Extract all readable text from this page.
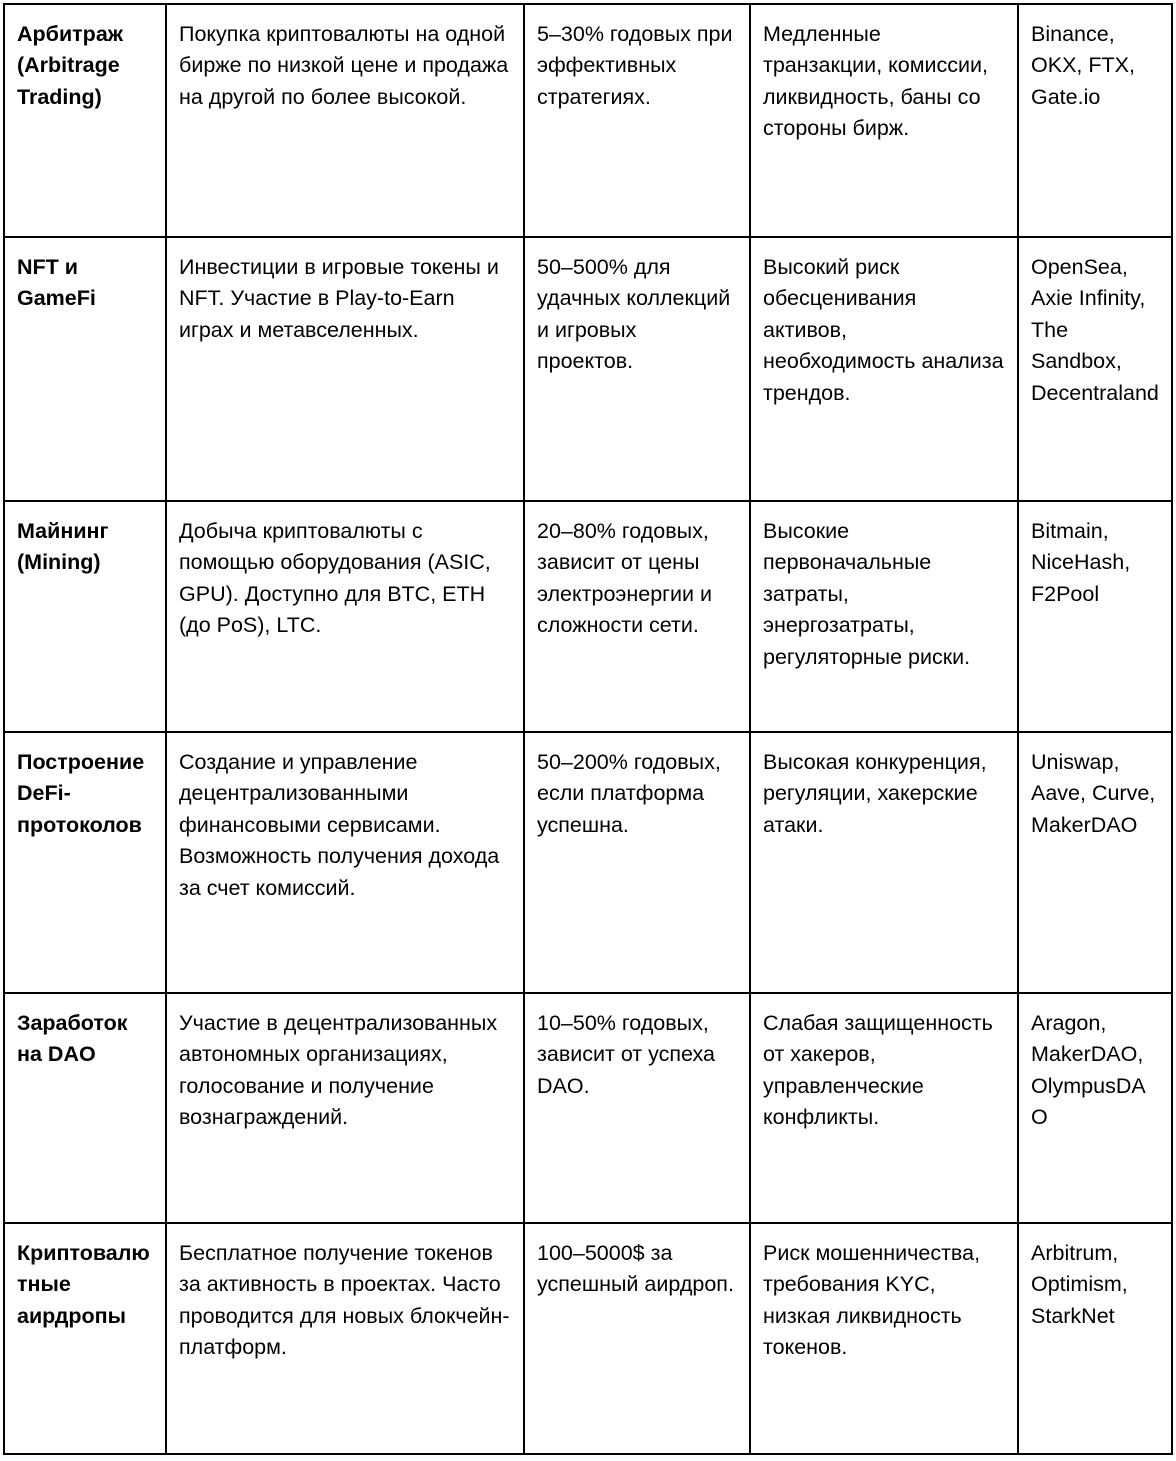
Арбитраж (Arbitrage Trading)	Покупка криптовалюты на одной бирже по низкой цене и продажа на другой по более высокой.	5–30% годовых при эффективных стратегиях.	Медленные транзакции, комиссии, ликвидность, баны со стороны бирж.	Binance, OKX, FTX, Gate.io
NFT и GameFi	Инвестиции в игровые токены и NFT. Участие в Play-to-Earn играх и метавселенных.	50–500% для удачных коллекций и игровых проектов.	Высокий риск обесценивания активов, необходимость анализа трендов.	OpenSea, Axie Infinity, The Sandbox, Decentraland
Майнинг (Mining)	Добыча криптовалюты с помощью оборудования (ASIC, GPU). Доступно для BTC, ETH (до PoS), LTC.	20–80% годовых, зависит от цены электроэнергии и сложности сети.	Высокие первоначальные затраты, энергозатраты, регуляторные риски.	Bitmain, NiceHash, F2Pool
Построение DeFi-протоколов	Создание и управление децентрализованными финансовыми сервисами. Возможность получения дохода за счет комиссий.	50–200% годовых, если платформа успешна.	Высокая конкуренция, регуляции, хакерские атаки.	Uniswap, Aave, Curve, MakerDAO
Заработок на DAO	Участие в децентрализованных автономных организациях, голосование и получение вознаграждений.	10–50% годовых, зависит от успеха DAO.	Слабая защищенность от хакеров, управленческие конфликты.	Aragon, MakerDAO, OlympusDAO
Криптовалютные аирдропы	Бесплатное получение токенов за активность в проектах. Часто проводится для новых блокчейн-платформ.	100–5000$ за успешный аирдроп.	Риск мошенничества, требования KYC, низкая ликвидность токенов.	Arbitrum, Optimism, StarkNet
